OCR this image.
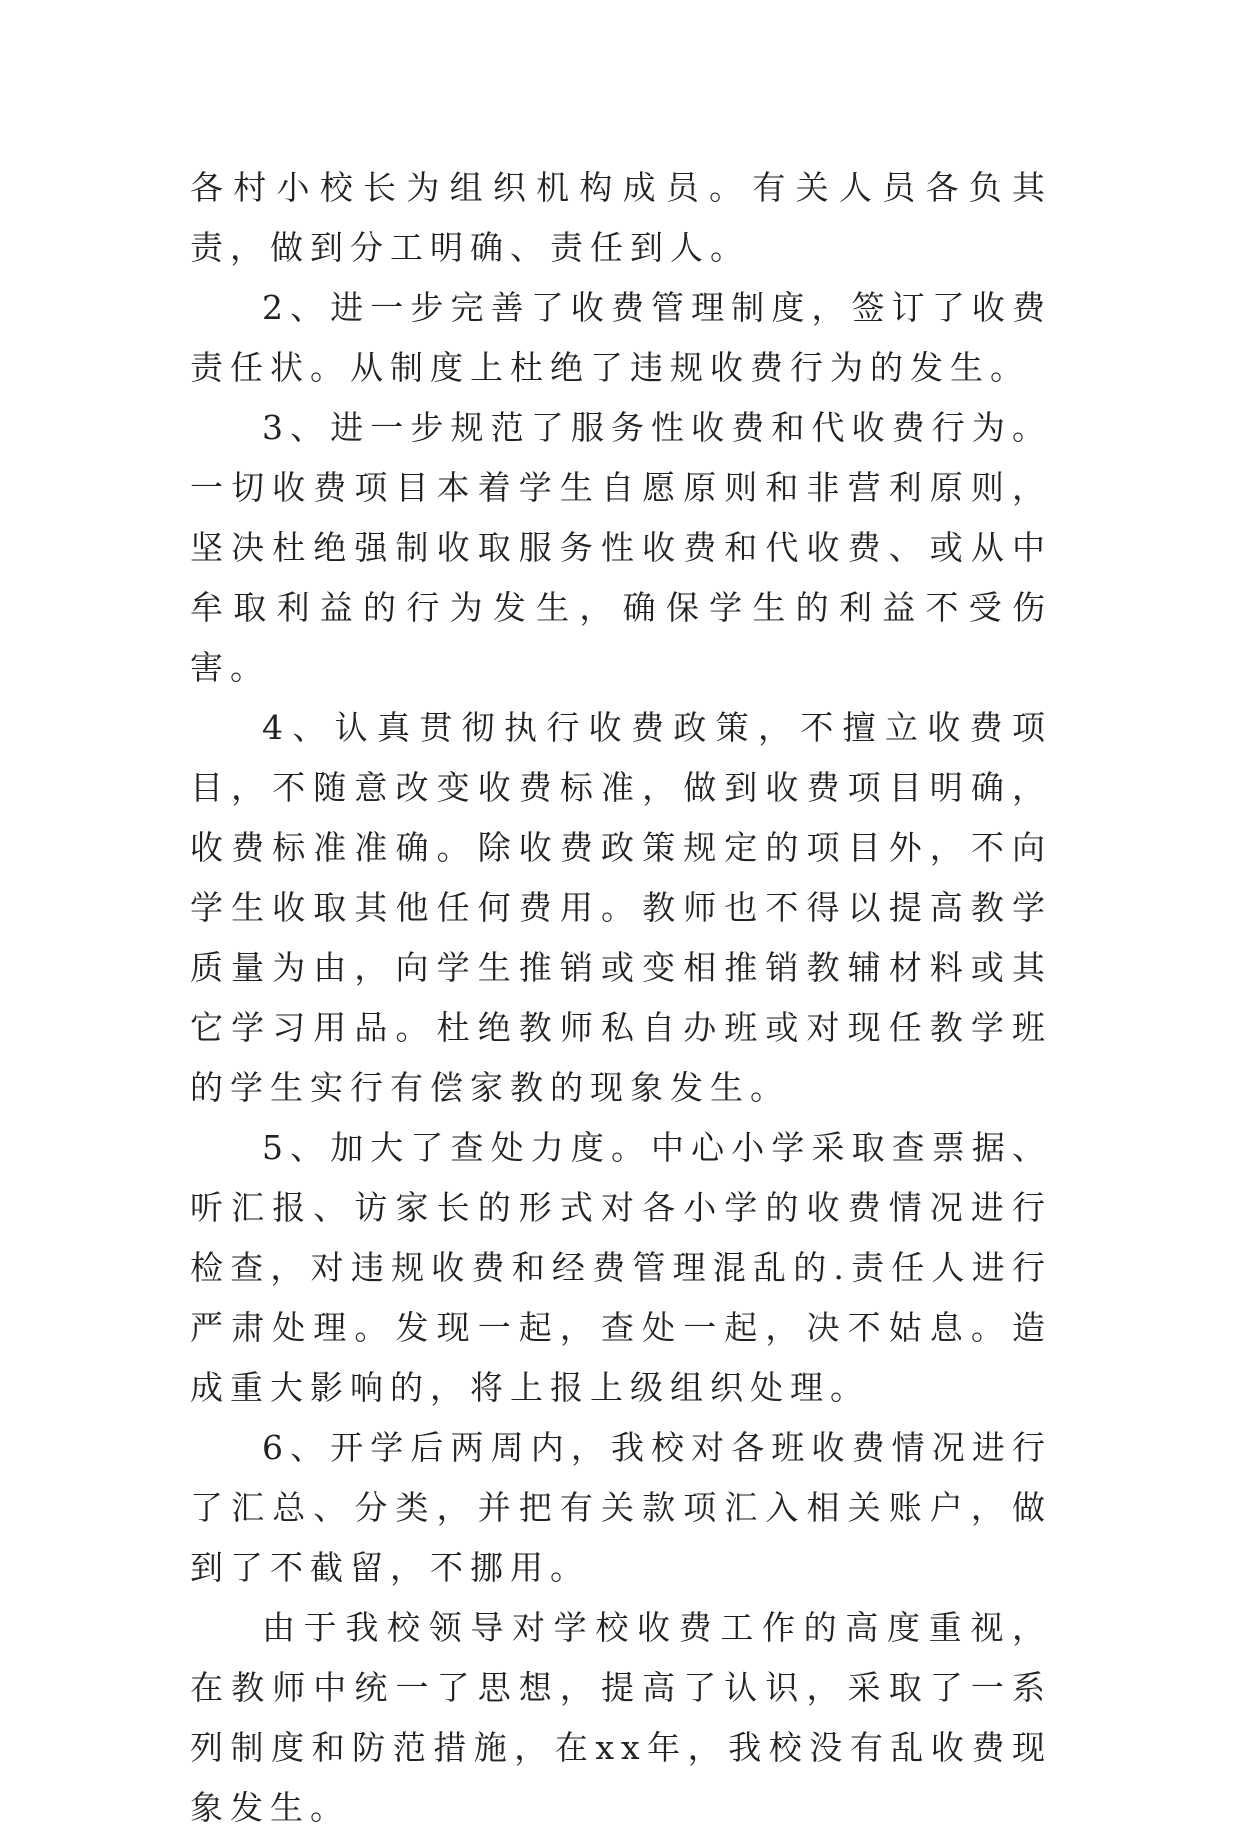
各村小校长为组织机构成员。有关人员各负其责，做到分工明确、责任到人。

2、进一步完善了收费管理制度，签订了收费责任状。从制度上杜绝了违规收费行为的发生。

3、进一步规范了服务性收费和代收费行为。一切收费项目本着学生自愿原则和非营利原则，坚决杜绝强制收取服务性收费和代收费、或从中牟取利益的行为发生，确保学生的利益不受伤害。

4、认真贯彻执行收费政策，不擅立收费项目，不随意改变收费标准，做到收费项目明确，收费标准准确。除收费政策规定的项目外，不向学生收取其他任何费用。教师也不得以提高教学质量为由，向学生推销或变相推销教辅材料或其它学习用品。杜绝教师私自办班或对现任教学班的学生实行有偿家教的现象发生。

5、加大了查处力度。中心小学采取查票据、听汇报、访家长的形式对各小学的收费情况进行检查，对违规收费和经费管理混乱的.责任人进行严肃处理。发现一起，查处一起，决不姑息。造成重大影响的，将上报上级组织处理。

6、开学后两周内，我校对各班收费情况进行了汇总、分类，并把有关款项汇入相关账户，做到了不截留，不挪用。

由于我校领导对学校收费工作的高度重视，在教师中统一了思想，提高了认识，采取了一系列制度和防范措施，在xx年，我校没有乱收费现象发生。
